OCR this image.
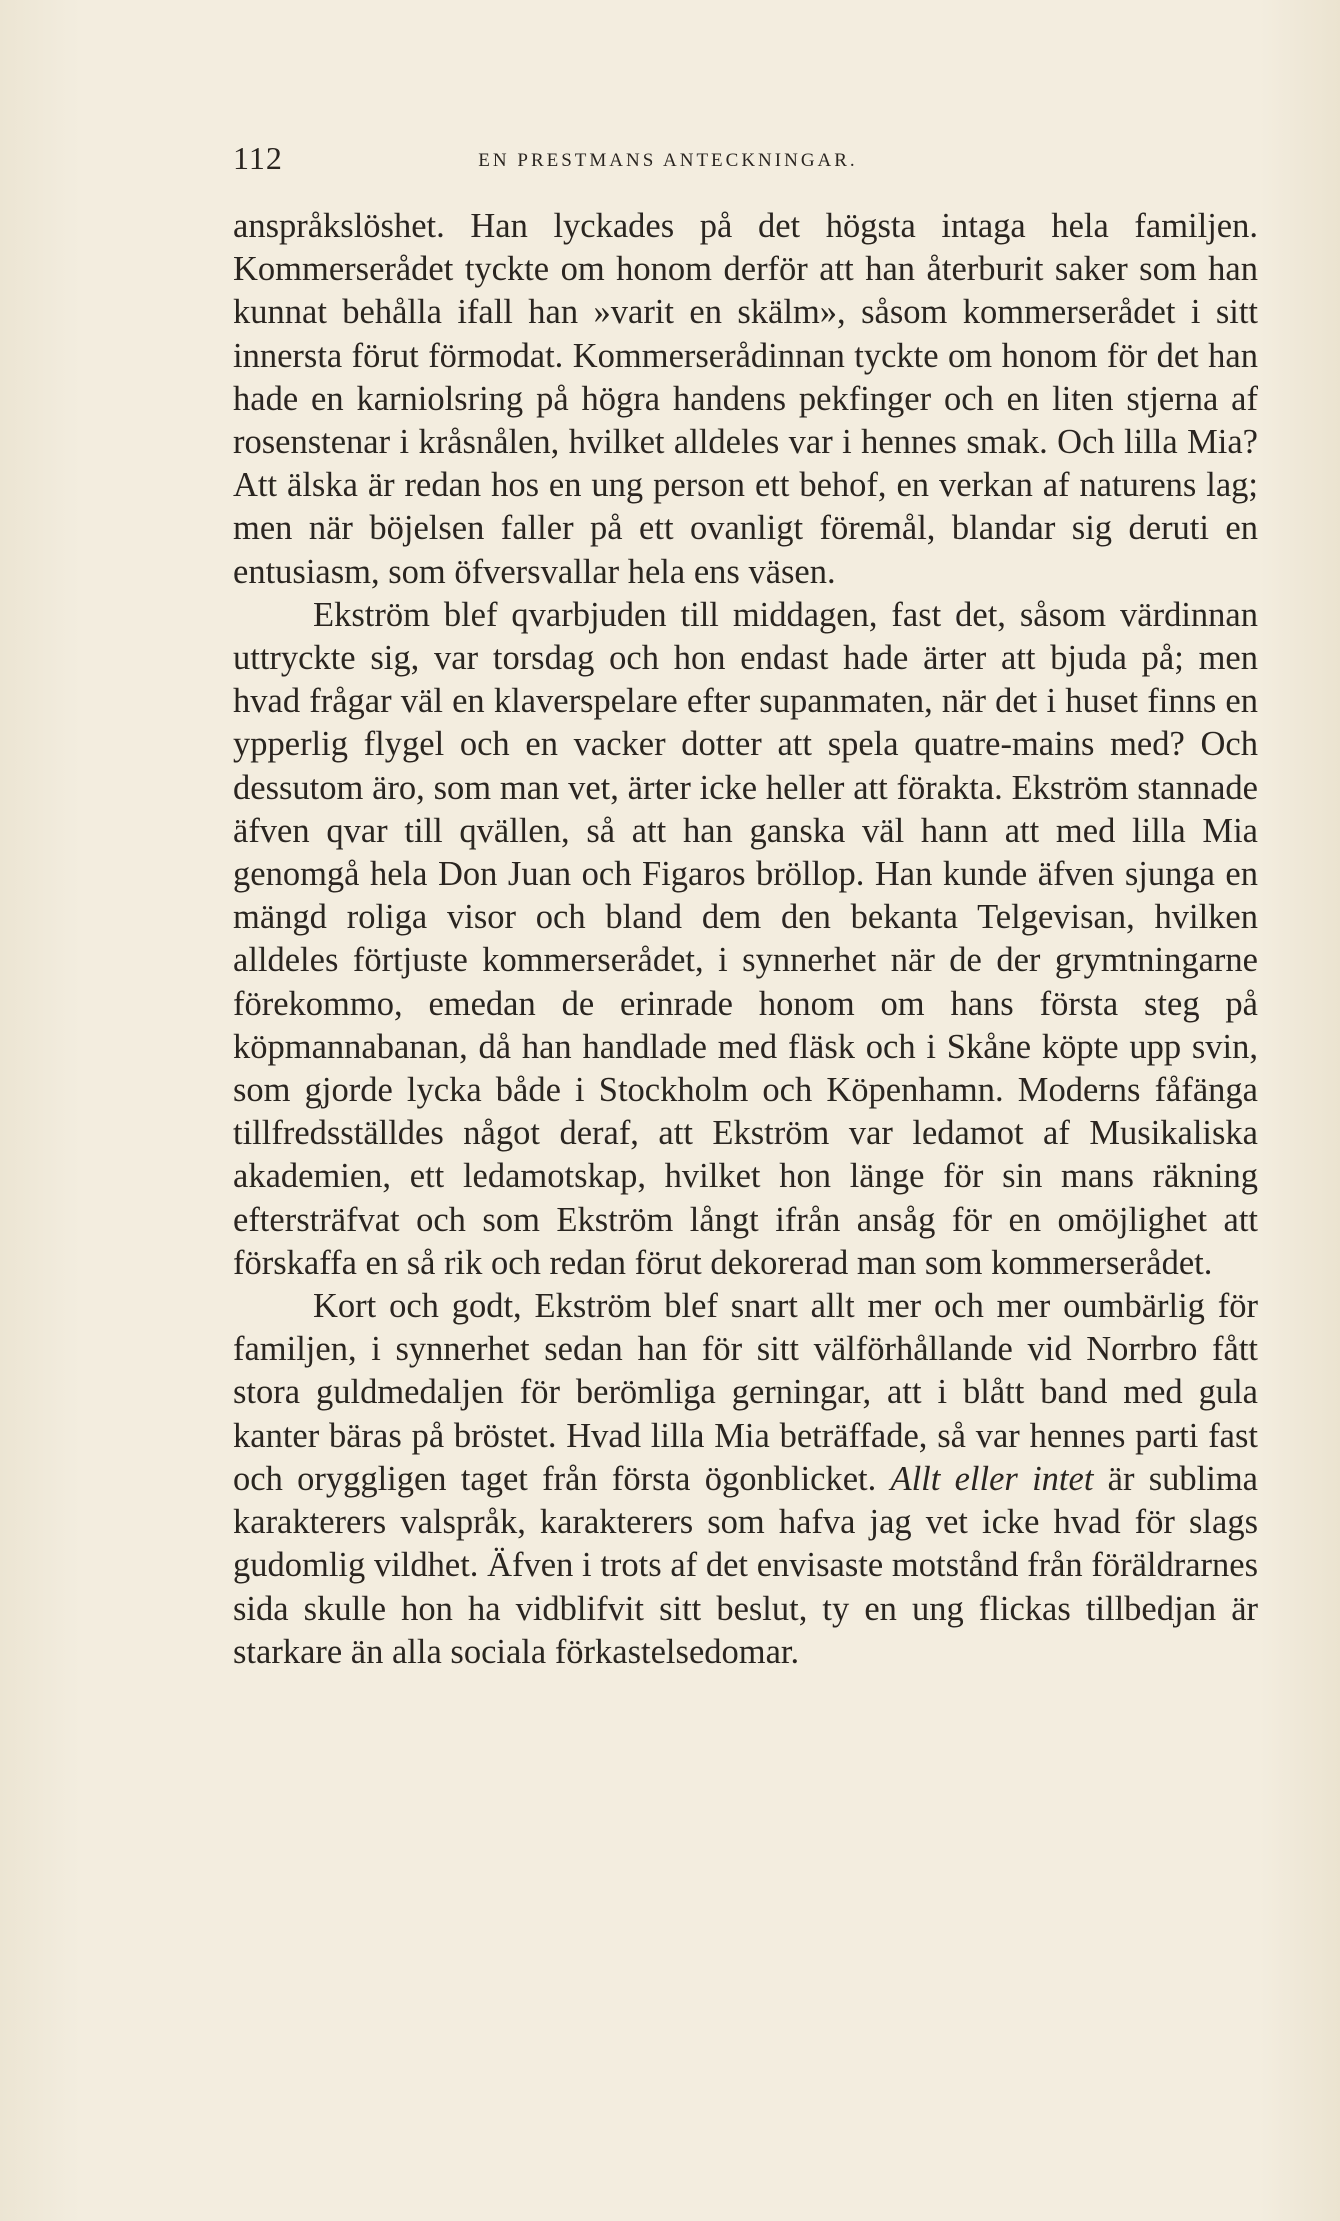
112	EN PRESTMANS ANTECKNINGAR.

anspråkslöshet. Han lyckades på det högsta intaga hela familjen. Kommerserådet tyckte om honom derför att han återburit saker som han kunnat behålla ifall han »varit en skälm», såsom kommerserådet i sitt innersta förut förmodat. Kommerserådinnan tyckte om honom för det han hade en karniolsring på högra handens pekfinger och en liten stjerna af rosenstenar i kråsnålen, hvilket alldeles var i hennes smak. Och lilla Mia? Att älska är redan hos en ung person ett behof, en verkan af naturens lag; men när böjelsen faller på ett ovanligt föremål, blandar sig deruti en entusiasm, som öfversvallar hela ens väsen.

Ekström blef qvarbjuden till middagen, fast det, såsom värdinnan uttryckte sig, var torsdag och hon endast hade ärter att bjuda på; men hvad frågar väl en klaverspelare efter supanmaten, när det i huset finns en ypperlig flygel och en vacker dotter att spela quatre-mains med? Och dessutom äro, som man vet, ärter icke heller att förakta. Ekström stannade äfven qvar till qvällen, så att han ganska väl hann att med lilla Mia genomgå hela Don Juan och Figaros bröllop. Han kunde äfven sjunga en mängd roliga visor och bland dem den bekanta Telgevisan, hvilken alldeles förtjuste kommerserådet, i synnerhet när de der grymtningarne förekommo, emedan de erinrade honom om hans första steg på köpmannabanan, då han handlade med fläsk och i Skåne köpte upp svin, som gjorde lycka både i Stockholm och Köpenhamn. Moderns fåfänga tillfredsställdes något deraf, att Ekström var ledamot af Musikaliska akademien, ett ledamotskap, hvilket hon länge för sin mans räkning eftersträfvat och som Ekström långt ifrån ansåg för en omöjlighet att förskaffa en så rik och redan förut dekorerad man som kommerserådet.

Kort och godt, Ekström blef snart allt mer och mer oumbärlig för familjen, i synnerhet sedan han för sitt välförhållande vid Norrbro fått stora guldmedaljen för berömliga gerningar, att i blått band med gula kanter bäras på bröstet. Hvad lilla Mia beträffade, så var hennes parti fast och oryggligen taget från första ögonblicket. Allt eller intet är sublima karakterers valspråk, karakterers som hafva jag vet icke hvad för slags gudomlig vildhet. Äfven i trots af det envisaste motstånd från föräldrarnes sida skulle hon ha vidblifvit sitt beslut, ty en ung flickas tillbedjan är starkare än alla sociala förkastelsedomar.
